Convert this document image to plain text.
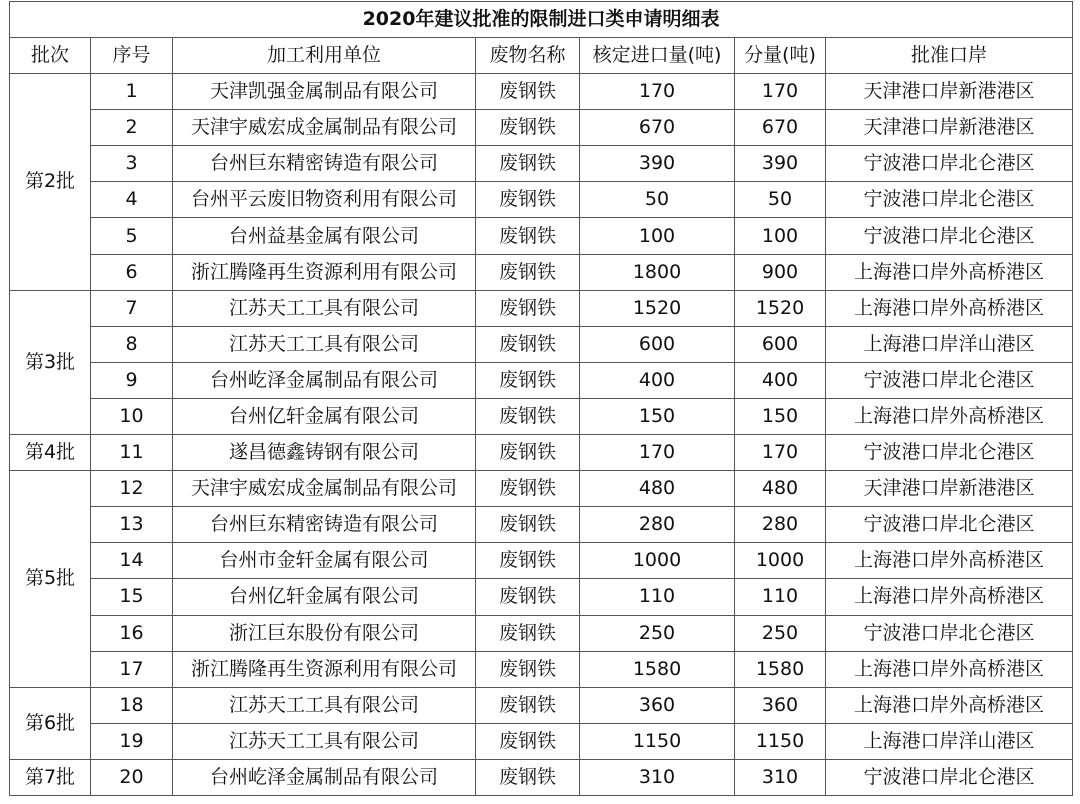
2020年建议批准的限制进口类申请明细表						
批次	序号	加工利用单位	废物名称	核定进口量(吨)	分量(吨)	批准口岸
第2批	1	天津凯强金属制品有限公司	废钢铁	170	170	天津港口岸新港港区
	2	天津宇威宏成金属制品有限公司	废钢铁	670	670	天津港口岸新港港区
	3	台州巨东精密铸造有限公司	废钢铁	390	390	宁波港口岸北仑港区
	4	台州平云废旧物资利用有限公司	废钢铁	50	50	宁波港口岸北仑港区
	5	台州益基金属有限公司	废钢铁	100	100	宁波港口岸北仑港区
	6	浙江腾隆再生资源利用有限公司	废钢铁	1800	900	上海港口岸外高桥港区
第3批	7	江苏天工工具有限公司	废钢铁	1520	1520	上海港口岸外高桥港区
	8	江苏天工工具有限公司	废钢铁	600	600	上海港口岸洋山港区
	9	台州屹泽金属制品有限公司	废钢铁	400	400	宁波港口岸北仑港区
	10	台州亿轩金属有限公司	废钢铁	150	150	上海港口岸外高桥港区
第4批	11	遂昌德鑫铸钢有限公司	废钢铁	170	170	宁波港口岸北仑港区
第5批	12	天津宇威宏成金属制品有限公司	废钢铁	480	480	天津港口岸新港港区
	13	台州巨东精密铸造有限公司	废钢铁	280	280	宁波港口岸北仑港区
	14	台州市金轩金属有限公司	废钢铁	1000	1000	上海港口岸外高桥港区
	15	台州亿轩金属有限公司	废钢铁	110	110	上海港口岸外高桥港区
	16	浙江巨东股份有限公司	废钢铁	250	250	宁波港口岸北仑港区
	17	浙江腾隆再生资源利用有限公司	废钢铁	1580	1580	上海港口岸外高桥港区
第6批	18	江苏天工工具有限公司	废钢铁	360	360	上海港口岸外高桥港区
	19	江苏天工工具有限公司	废钢铁	1150	1150	上海港口岸洋山港区
第7批	20	台州屹泽金属制品有限公司	废钢铁	310	310	宁波港口岸北仑港区
